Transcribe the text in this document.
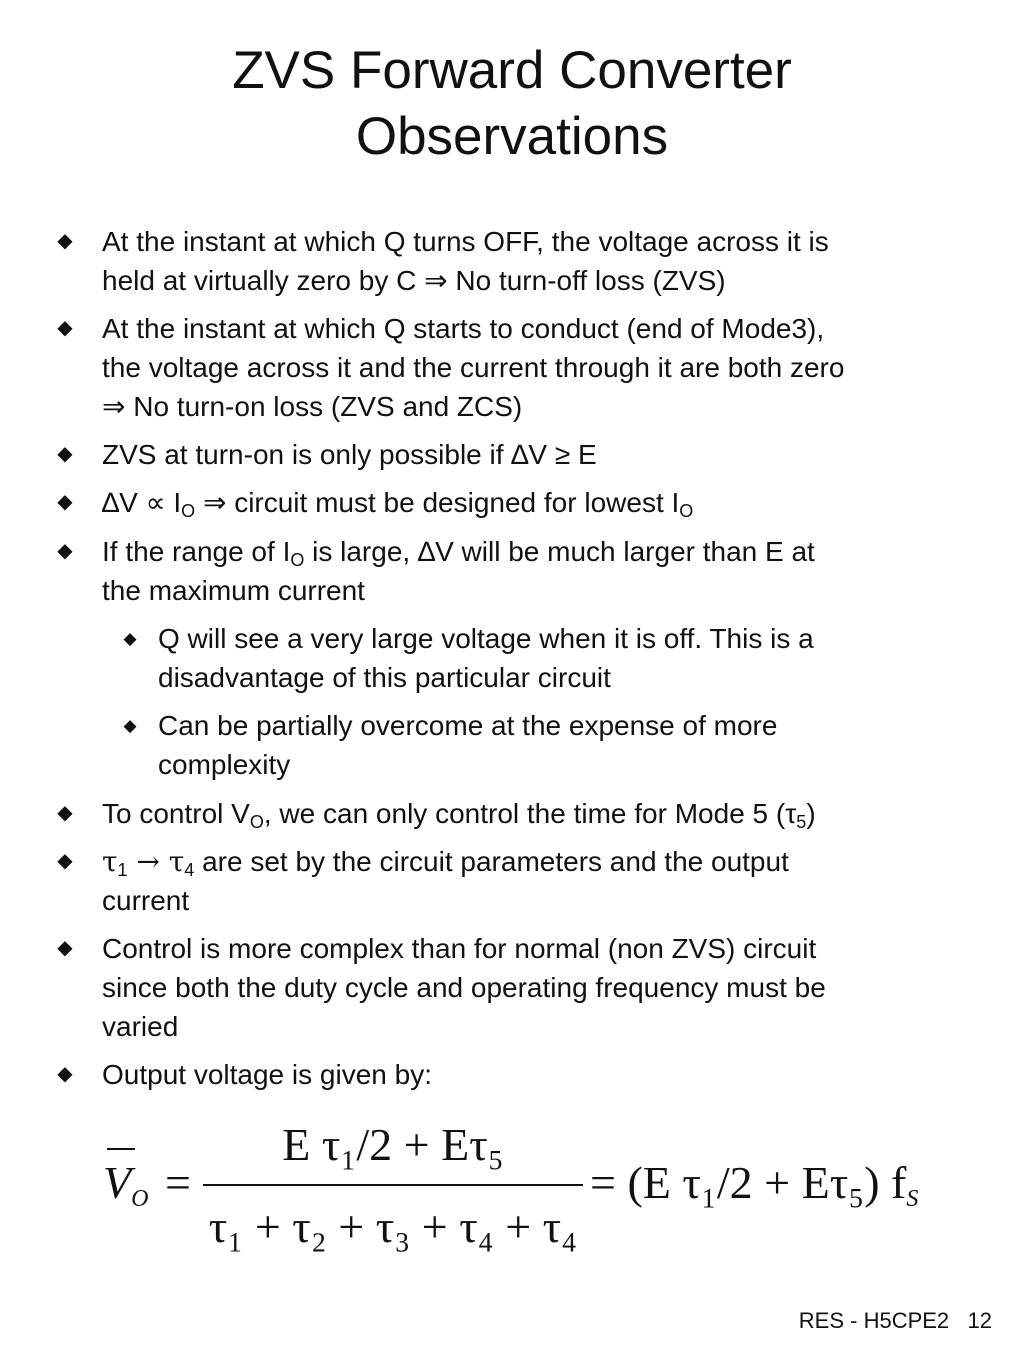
ZVS Forward Converter
Observations
◆ At the instant at which Q turns OFF, the voltage across it is
held at virtually zero by C ⇒ No turn-off loss (ZVS)
◆ At the instant at which Q starts to conduct (end of Mode3),
the voltage across it and the current through it are both zero
⇒ No turn-on loss (ZVS and ZCS)
◆ ZVS at turn-on is only possible if ∆V ≥ E
◆ $\Delta V \propto I_O$ ⇒ circuit must be designed for lowest $I_O$
◆ If the range of $I_O$ is large, ∆V will be much larger than E at
the maximum current
◆ Q will see a very large voltage when it is off. This is a
disadvantage of this particular circuit
◆ Can be partially overcome at the expense of more
complexity
◆ To control $V_O$, we can only control the time for Mode 5 $(\tau_5)$
◆ $\tau_1 \to \tau_4$ are set by the circuit parameters and the output
current
◆ Control is more complex than for normal (non ZVS) circuit
since both the duty cycle and operating frequency must be
varied
◆ Output voltage is given by:
$V_O$ =
E τ₁/2 + Eτ₅
τ₁ + τ₂ + τ₃ + τ₄ + τ₄
= (E τ₁/2 + Eτ₅) $f_S$
RES - H5CPE2 12
